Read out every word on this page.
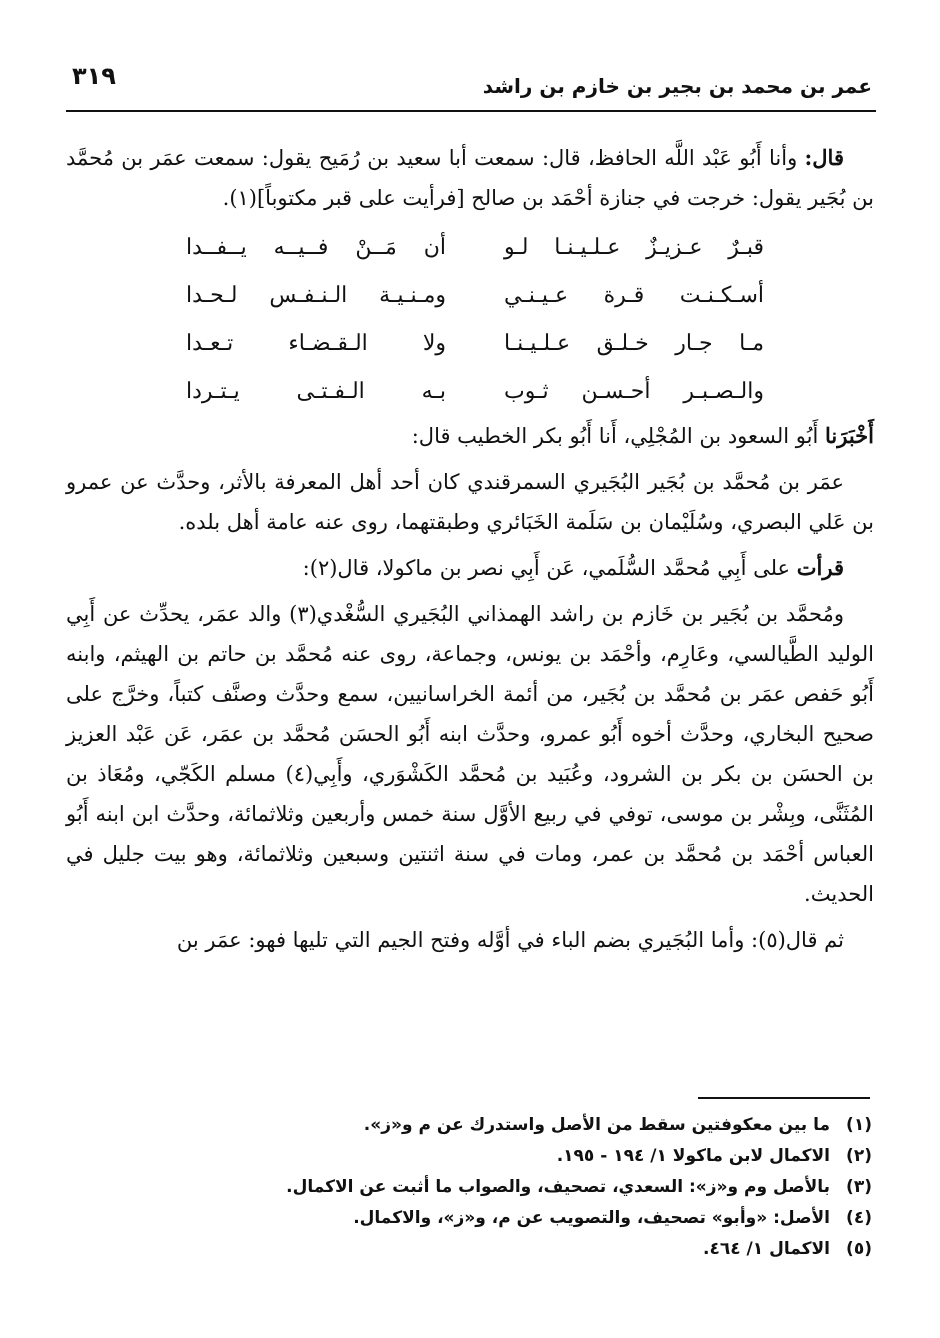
٣١٩	عمر بن محمد بن بجير بن خازم بن راشد

قال: وأنا أَبُو عَبْد اللَّه الحافظ، قال: سمعت أبا سعيد بن رُمَيح يقول: سمعت عمَر بن مُحمَّد بن بُجَير يقول: خرجت في جنازة أحْمَد بن صالح [فرأيت على قبر مكتوباً](١).

قبـرٌ عـزيـزٌ عـلـيـنـا لـو
أن مَــنْ فــيــه يــفــدا
أسـكـنـت قـرة عـيـنـي
ومـنـيـة الـنـفـس لـحـدا
مـا جـار خـلـق عـلـيـنـا
ولا الـقـضـاء تـعـدا
والـصـبـر أحـسـن ثـوب
بـه الـفـتـى يـتـردا

أَخْبَرَنا أَبُو السعود بن المُجْلِي، أَنا أَبُو بكر الخطيب قال:

عمَر بن مُحمَّد بن بُجَير البُجَيري السمرقندي كان أحد أهل المعرفة بالأثر، وحدَّث عن عمرو بن عَلي البصري، وسُلَيْمان بن سَلَمة الخَبَائري وطبقتهما، روى عنه عامة أهل بلده.

قرأت على أَبِي مُحمَّد السُّلَمي، عَن أَبِي نصر بن ماكولا، قال(٢):

ومُحمَّد بن بُجَير بن خَازم بن راشد الهمذاني البُجَيري السُّغْدي(٣) والد عمَر، يحدِّث عن أَبِي الوليد الطَّيالسي، وعَارِم، وأحْمَد بن يونس، وجماعة، روى عنه مُحمَّد بن حاتم بن الهيثم، وابنه أَبُو حَفص عمَر بن مُحمَّد بن بُجَير، من أئمة الخراسانيين، سمع وحدَّث وصنَّف كتباً، وخرَّج على صحيح البخاري، وحدَّث أخوه أَبُو عمرو، وحدَّث ابنه أَبُو الحسَن مُحمَّد بن عمَر، عَن عَبْد العزيز بن الحسَن بن بكر بن الشرود، وعُبَيد بن مُحمَّد الكَشْوَري، وأَبِي(٤) مسلم الكَجّي، ومُعَاذ بن المُثَنَّى، وبِشْر بن موسى، توفي في ربيع الأوَّل سنة خمس وأربعين وثلاثمائة، وحدَّث ابن ابنه أَبُو العباس أحْمَد بن مُحمَّد بن عمر، ومات في سنة اثنتين وسبعين وثلاثمائة، وهو بيت جليل في الحديث.

ثم قال(٥): وأما البُجَيري بضم الباء في أوَّله وفتح الجيم التي تليها فهو: عمَر بن

(١)
ما بين معكوفتين سقط من الأصل واستدرك عن م و«ز».
(٢)
الاكمال لابن ماكولا ١/ ١٩٤ - ١٩٥.
(٣)
بالأصل وم و«ز»: السعدي، تصحيف، والصواب ما أثبت عن الاكمال.
(٤)
الأصل: «وأبو» تصحيف، والتصويب عن م، و«ز»، والاكمال.
(٥)
الاكمال ١/ ٤٦٤.
